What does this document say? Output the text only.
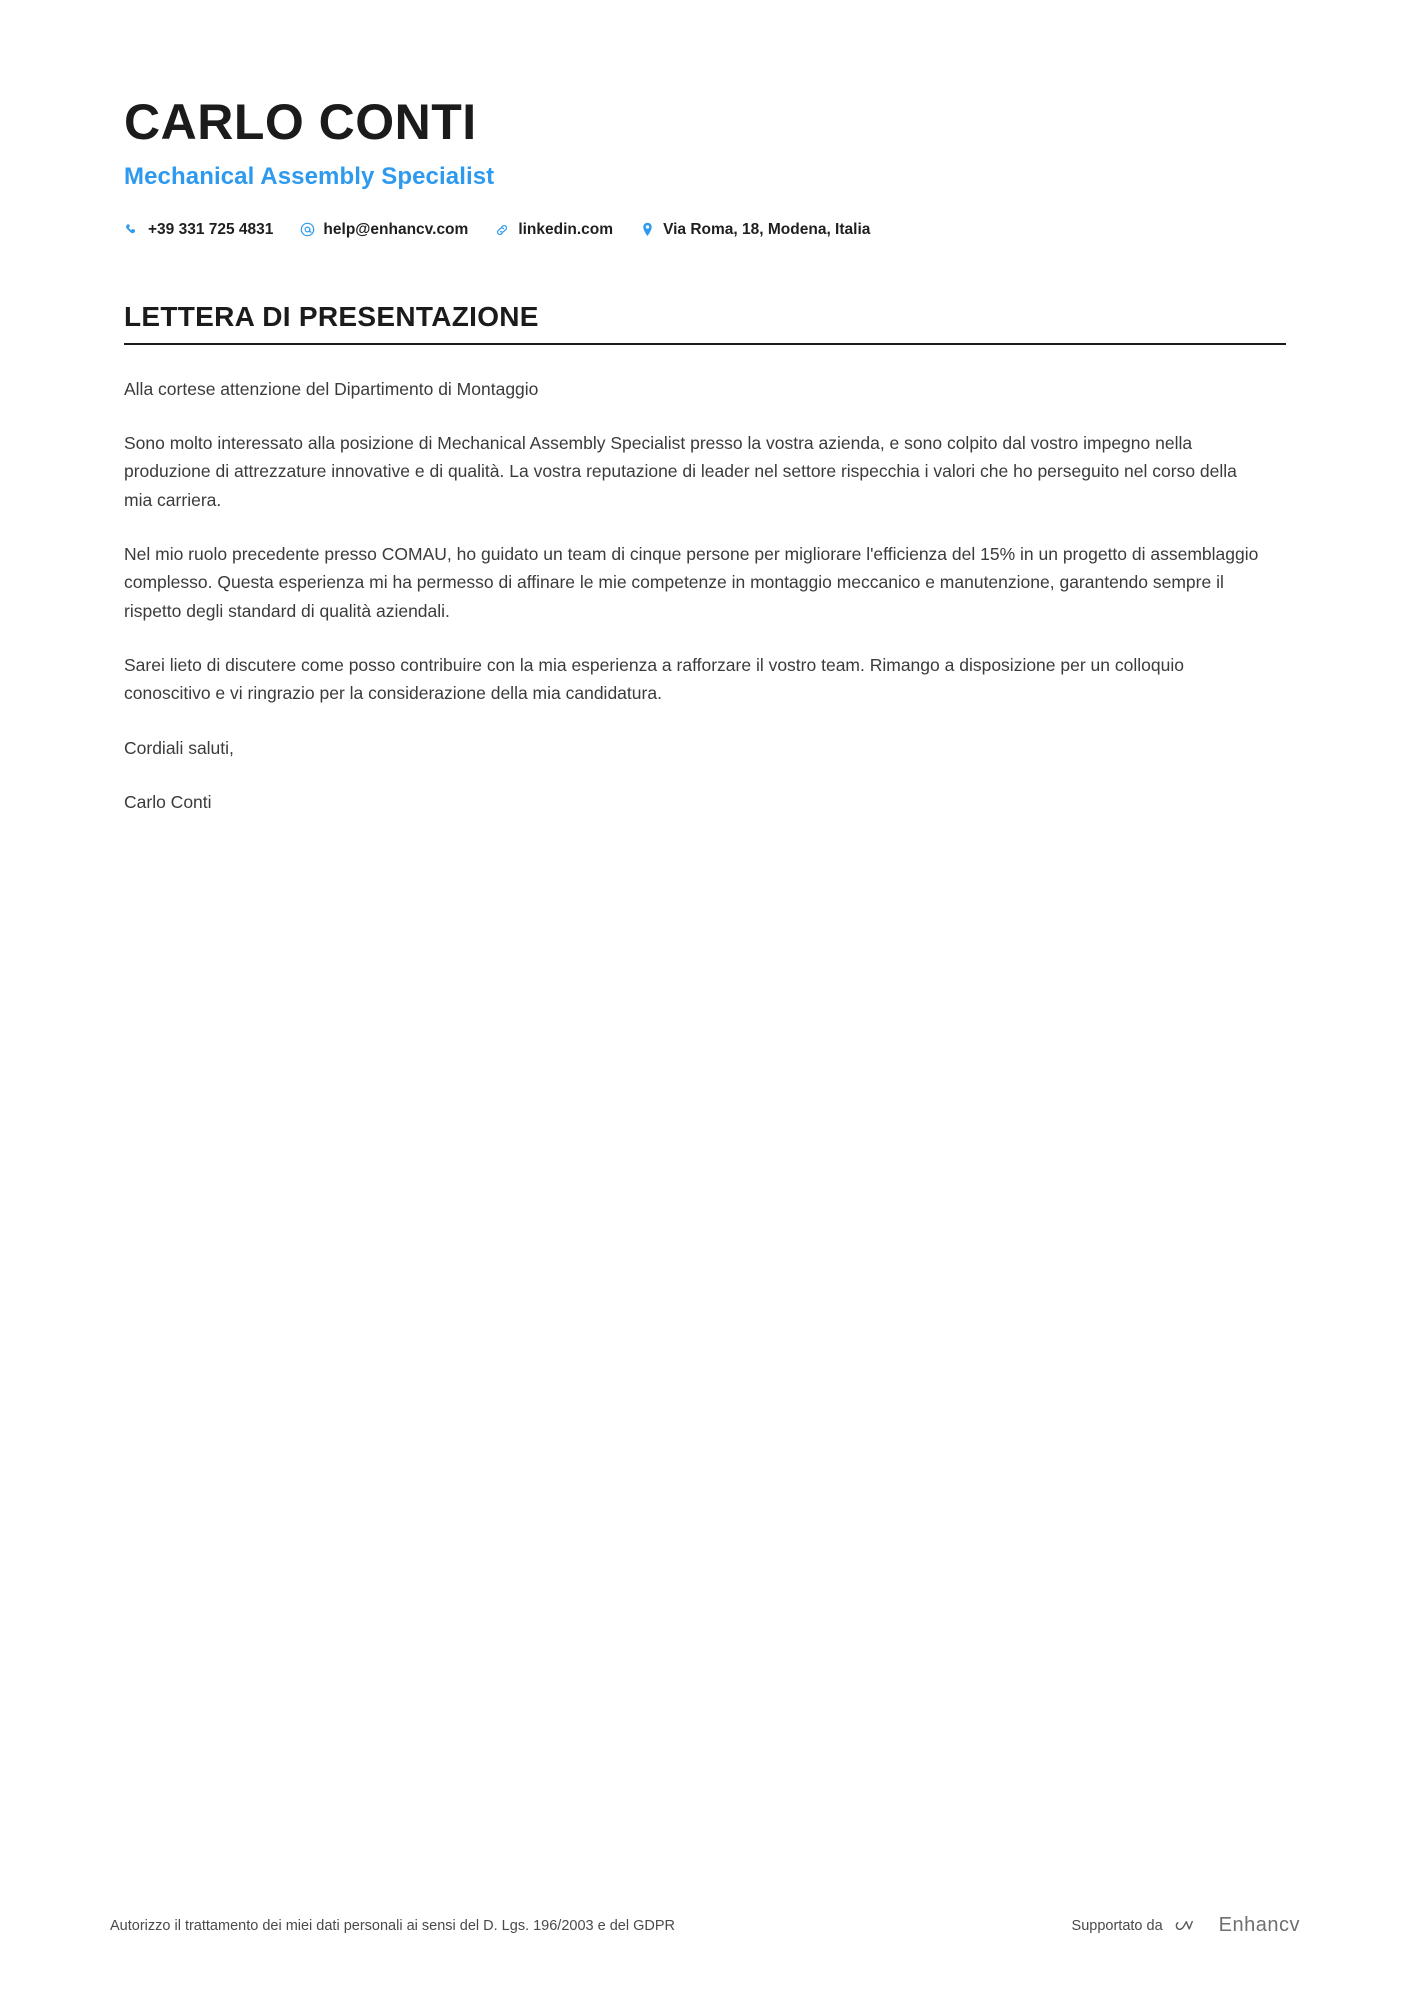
CARLO CONTI
Mechanical Assembly Specialist
+39 331 725 4831	help@enhancv.com	linkedin.com	Via Roma, 18, Modena, Italia
LETTERA DI PRESENTAZIONE

Alla cortese attenzione del Dipartimento di Montaggio

Sono molto interessato alla posizione di Mechanical Assembly Specialist presso la vostra azienda, e sono colpito dal vostro impegno nella produzione di attrezzature innovative e di qualità. La vostra reputazione di leader nel settore rispecchia i valori che ho perseguito nel corso della mia carriera.

Nel mio ruolo precedente presso COMAU, ho guidato un team di cinque persone per migliorare l'efficienza del 15% in un progetto di assemblaggio complesso. Questa esperienza mi ha permesso di affinare le mie competenze in montaggio meccanico e manutenzione, garantendo sempre il rispetto degli standard di qualità aziendali.

Sarei lieto di discutere come posso contribuire con la mia esperienza a rafforzare il vostro team. Rimango a disposizione per un colloquio conoscitivo e vi ringrazio per la considerazione della mia candidatura.

Cordiali saluti,

Carlo Conti

Autorizzo il trattamento dei miei dati personali ai sensi del D. Lgs. 196/2003 e del GDPR	Supportato da	Enhancv
